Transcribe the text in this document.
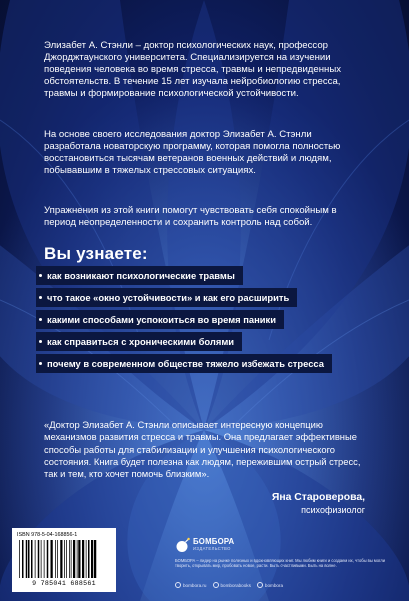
Элизабет А. Стэнли – доктор психологических наук, профессор Джорджтаунского университета. Специализируется на изучении поведения человека во время стресса, травмы и непредвиденных обстоятельств. В течение 15 лет изучала нейробиологию стресса, травмы и формирование психологической устойчивости.

На основе своего исследования доктор Элизабет А. Стэнли разработала новаторскую программу, которая помогла полностью восстановиться тысячам ветеранов военных действий и людям, побывавшим в тяжелых стрессовых ситуациях.

Упражнения из этой книги помогут чувствовать себя спокойным в период неопределенности и сохранить контроль над собой.

Вы узнаете:
как возникают психологические травмы
что такое «окно устойчивости» и как его расширить
какими способами успокоиться во время паники
как справиться с хроническими болями
почему в современном обществе тяжело избежать стресса

«Доктор Элизабет А. Стэнли описывает интересную концепцию механизмов развития стресса и травмы. Она предлагает эффективные способы работы для стабилизации и улучшения психологического состояния. Книга будет полезна как людям, пережившим острый стресс, так и тем, кто хочет помочь близким».

Яна Староверова,

психофизиолог

ISBN 978-5-04-168856-1
9 785041 688561
БОМБОРА
ИЗДАТЕЛЬСТВО

БОМБОРА – лидер на рынке полезных и вдохновляющих книг. Мы любим книги и создаем их, чтобы вы могли творить, открывать мир, пробовать новое, расти. Быть счастливыми. Быть на волне.

bombora.ru	bomborabooks	bombora
